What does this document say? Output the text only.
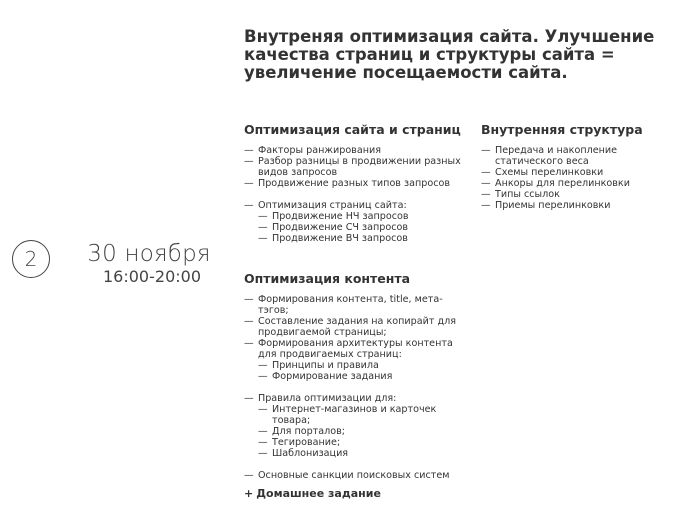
2	30 ноября
16:00-20:00
Внутреняя оптимизация сайта. Улучшение качества страниц и структуры сайта = увеличение посещаемости сайта.
Оптимизация сайта и страниц
— Факторы ранжирования
— Разбор разницы в продвижении разных видов запросов
— Продвижение разных типов запросов
— Оптимизация страниц сайта:
— Продвижение НЧ запросов
— Продвижение СЧ запросов
— Продвижение ВЧ запросов
Внутренняя структура
— Передача и накопление статического веса
— Схемы перелинковки
— Анкоры для перелинковки
— Типы ссылок
— Приемы перелинковки
Оптимизация контента
— Формирования контента, title, мета-тэгов;
— Составление задания на копирайт для продвигаемой страницы;
— Формирования архитектуры контента для продвигаемых страниц:
— Принципы и правила
— Формирование задания
— Правила оптимизации для:
— Интернет-магазинов и карточек товара;
— Для порталов;
— Тегирование;
— Шаблонизация
— Основные санкции поисковых систем
+ Домашнее задание
